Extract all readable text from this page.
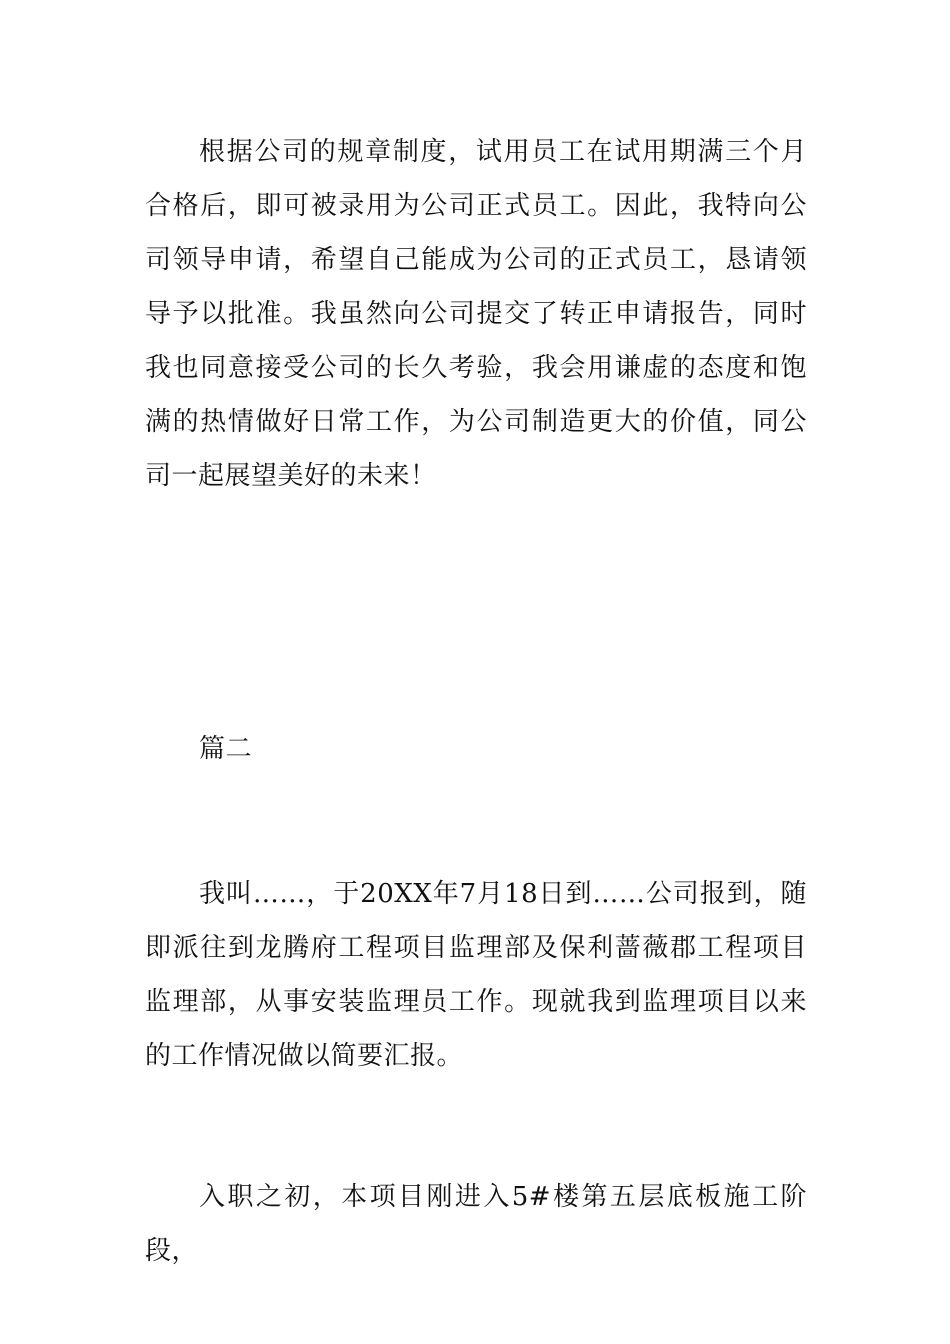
根据公司的规章制度，试用员工在试用期满三个月合格后，即可被录用为公司正式员工。因此，我特向公司领导申请，希望自己能成为公司的正式员工，恳请领导予以批准。我虽然向公司提交了转正申请报告，同时我也同意接受公司的长久考验，我会用谦虚的态度和饱满的热情做好日常工作，为公司制造更大的价值，同公司一起展望美好的未来！

篇二

我叫……，于20XX年7月18日到……公司报到，随即派往到龙腾府工程项目监理部及保利蔷薇郡工程项目监理部，从事安装监理员工作。现就我到监理项目以来的工作情况做以简要汇报。

入职之初，本项目刚进入5#楼第五层底板施工阶段，
